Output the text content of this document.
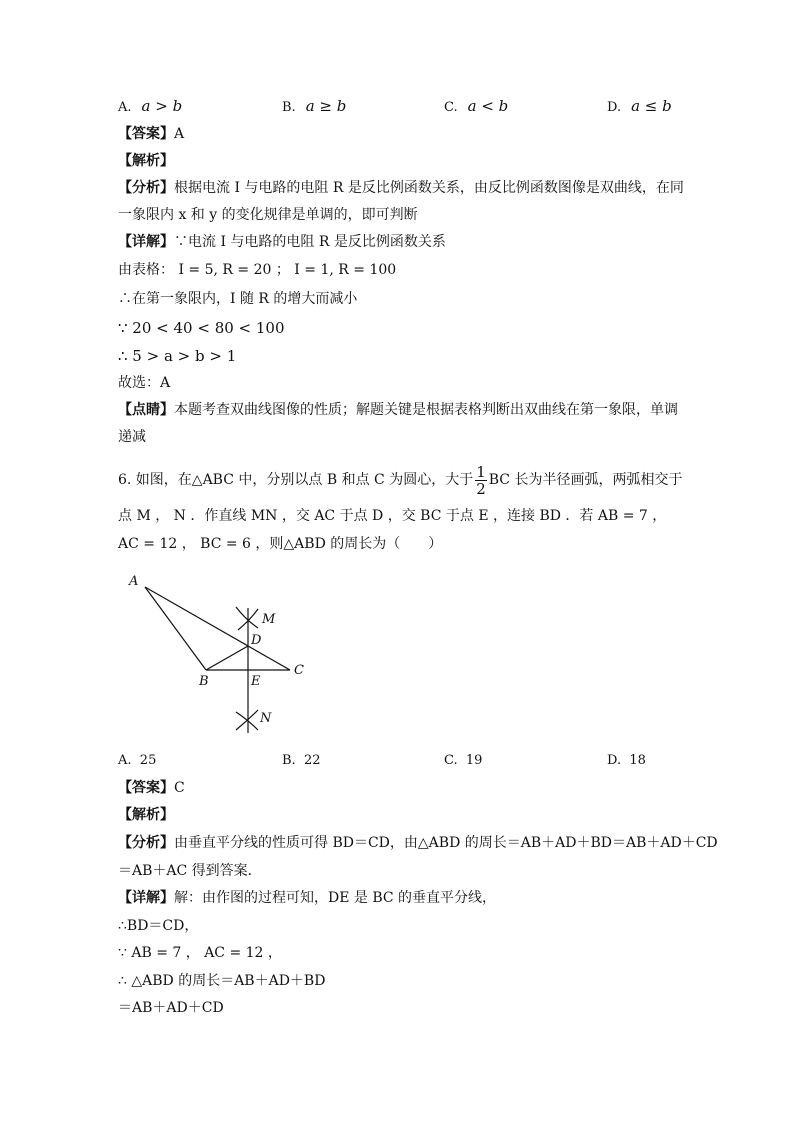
A. a > b	B. a ≥ b	C. a < b	D. a ≤ b
【答案】A
【解析】
【分析】根据电流 I 与电路的电阻 R 是反比例函数关系，由反比例函数图像是双曲线，在同
一象限内 x 和 y 的变化规律是单调的，即可判断
【详解】∵电流 I 与电路的电阻 R 是反比例函数关系
由表格： I = 5, R = 20 ； I = 1, R = 100
∴在第一象限内，I 随 R 的增大而减小
∵ 20 < 40 < 80 < 100
∴ 5 > a > b > 1
故选：A
【点睛】本题考查双曲线图像的性质；解题关键是根据表格判断出双曲线在第一象限，单调
递减
6. 如图，在△ABC 中，分别以点 B 和点 C 为圆心，大于 $\frac{1}{2}$ BC 长为半径画弧，两弧相交于
点 M ， N ．作直线 MN ，交 AC 于点 D ，交 BC 于点 E ，连接 BD ．若 AB = 7 ，
AC = 12 ， BC = 6 ，则△ABD 的周长为（　　）
A
B
C
D
E
M
N
A. 25	B. 22	C. 19	D. 18
【答案】C
【解析】
【分析】由垂直平分线的性质可得 BD＝CD，由△ABD 的周长＝AB＋AD＋BD＝AB＋AD＋CD
＝AB＋AC 得到答案．
【详解】解：由作图的过程可知，DE 是 BC 的垂直平分线，
∴BD＝CD，
∵ AB = 7 ， AC = 12 ，
∴ △ABD 的周长＝AB＋AD＋BD
＝AB＋AD＋CD
